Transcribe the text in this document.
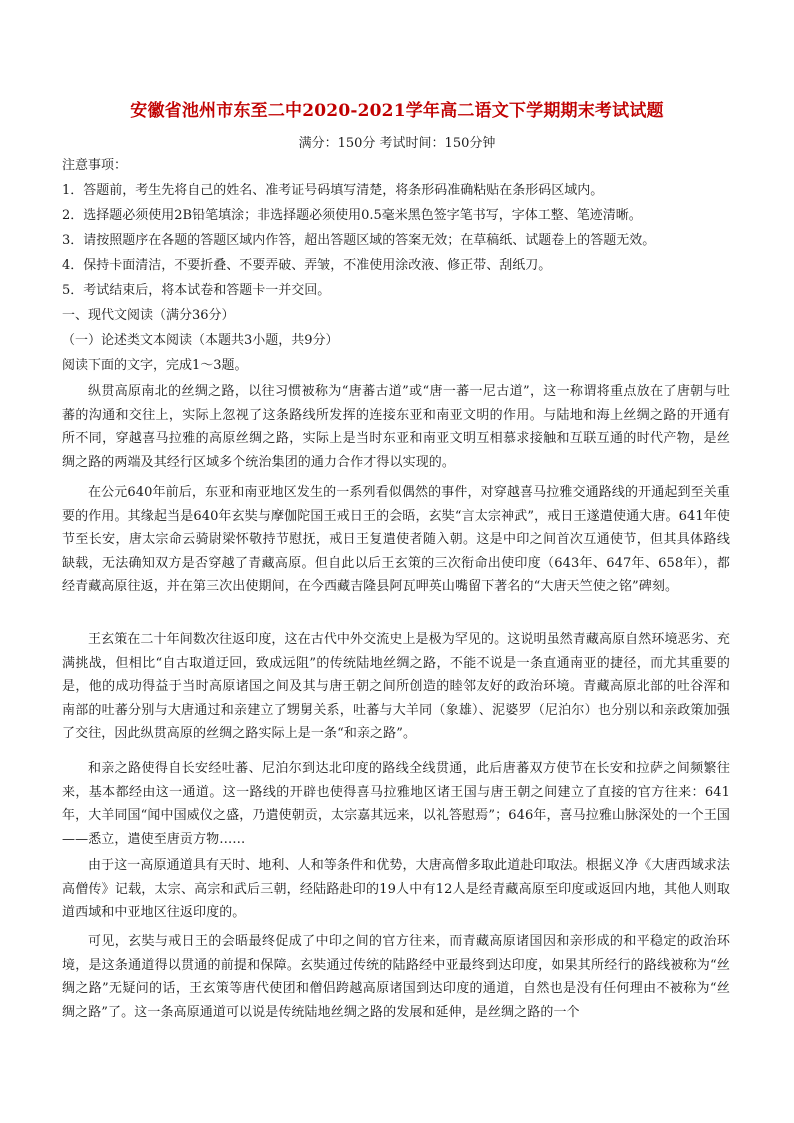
安徽省池州市东至二中2020-2021学年高二语文下学期期末考试试题
满分：150分 考试时间：150分钟
注意事项：
1．答题前，考生先将自己的姓名、准考证号码填写清楚，将条形码准确粘贴在条形码区域内。
2．选择题必须使用2B铅笔填涂；非选择题必须使用0.5毫米黑色签字笔书写，字体工整、笔迹清晰。
3．请按照题序在各题的答题区域内作答，超出答题区域的答案无效；在草稿纸、试题卷上的答题无效。
4．保持卡面清洁，不要折叠、不要弄破、弄皱，不准使用涂改液、修正带、刮纸刀。
5．考试结束后，将本试卷和答题卡一并交回。
一、现代文阅读（满分36分）
（一）论述类文本阅读（本题共3小题，共9分）
阅读下面的文字，完成1～3题。
纵贯高原南北的丝绸之路，以往习惯被称为“唐蕃古道”或“唐一蕃一尼古道”，这一称谓将重点放在了唐朝与吐蕃的沟通和交往上，实际上忽视了这条路线所发挥的连接东亚和南亚文明的作用。与陆地和海上丝绸之路的开通有所不同，穿越喜马拉雅的高原丝绸之路，实际上是当时东亚和南亚文明互相慕求接触和互联互通的时代产物，是丝绸之路的两端及其经行区域多个统治集团的通力合作才得以实现的。
在公元640年前后，东亚和南亚地区发生的一系列看似偶然的事件，对穿越喜马拉雅交通路线的开通起到至关重要的作用。其缘起当是640年玄奘与摩伽陀国王戒日王的会晤，玄奘“言太宗神武”，戒日王遂遣使通大唐。641年使节至长安，唐太宗命云骑尉梁怀敬持节慰抚，戒日王复遣使者随入朝。这是中印之间首次互通使节，但其具体路线缺载，无法确知双方是否穿越了青藏高原。但自此以后王玄策的三次衔命出使印度（643年、647年、658年），都经青藏高原往返，并在第三次出使期间，在今西藏吉隆县阿瓦呷英山嘴留下著名的“大唐天竺使之铭”碑刻。
王玄策在二十年间数次往返印度，这在古代中外交流史上是极为罕见的。这说明虽然青藏高原自然环境恶劣、充满挑战，但相比“自古取道迂回，致成远阻”的传统陆地丝绸之路，不能不说是一条直通南亚的捷径，而尤其重要的是，他的成功得益于当时高原诸国之间及其与唐王朝之间所创造的睦邻友好的政治环境。青藏高原北部的吐谷浑和南部的吐蕃分别与大唐通过和亲建立了甥舅关系，吐蕃与大羊同（象雄）、泥婆罗（尼泊尔）也分别以和亲政策加强了交往，因此纵贯高原的丝绸之路实际上是一条“和亲之路”。
和亲之路使得自长安经吐蕃、尼泊尔到达北印度的路线全线贯通，此后唐蕃双方使节在长安和拉萨之间频繁往来，基本都经由这一通道。这一路线的开辟也使得喜马拉雅地区诸王国与唐王朝之间建立了直接的官方往来：641年，大羊同国“闻中国威仪之盛，乃遣使朝贡，太宗嘉其远来，以礼答慰焉”；646年，喜马拉雅山脉深处的一个王国——悉立，遣使至唐贡方物……
由于这一高原通道具有天时、地利、人和等条件和优势，大唐高僧多取此道赴印取法。根据义净《大唐西域求法高僧传》记载，太宗、高宗和武后三朝，经陆路赴印的19人中有12人是经青藏高原至印度或返回内地，其他人则取道西域和中亚地区往返印度的。
可见，玄奘与戒日王的会晤最终促成了中印之间的官方往来，而青藏高原诸国因和亲形成的和平稳定的政治环境，是这条通道得以贯通的前提和保障。玄奘通过传统的陆路经中亚最终到达印度，如果其所经行的路线被称为“丝绸之路”无疑问的话，王玄策等唐代使团和僧侣跨越高原诸国到达印度的通道，自然也是没有任何理由不被称为“丝绸之路”了。这一条高原通道可以说是传统陆地丝绸之路的发展和延伸，是丝绸之路的一个
